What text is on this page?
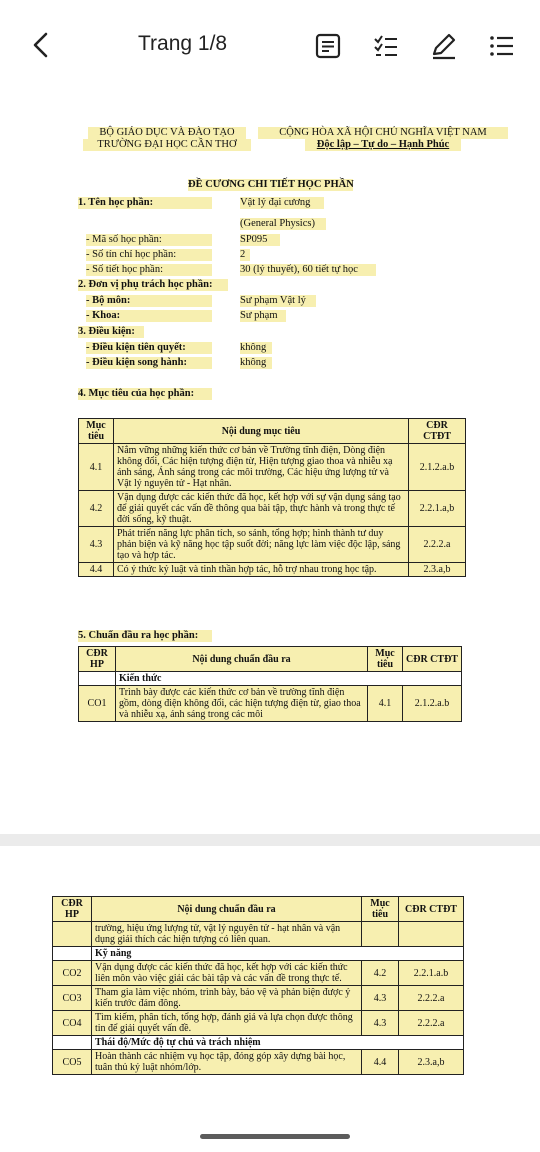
Trang 1/8
BỘ GIÁO DỤC VÀ ĐÀO TẠO
TRƯỜNG ĐẠI HỌC CẦN THƠ
CỘNG HÒA XÃ HỘI CHỦ NGHĨA VIỆT NAM
Độc lập – Tự do – Hạnh Phúc
ĐỀ CƯƠNG CHI TIẾT HỌC PHẦN
1. Tên học phần:	Vật lý đại cương
(General Physics)
- Mã số học phần:	SP095
- Số tín chỉ học phần:	2
- Số tiết học phần:	30 (lý thuyết), 60 tiết tự học
2. Đơn vị phụ trách học phần:
- Bộ môn:	Sư phạm Vật lý
- Khoa:	Sư phạm
3. Điều kiện:
- Điều kiện tiên quyết:	không
- Điều kiện song hành:	không
4. Mục tiêu của học phần:
Mục tiêu	Nội dung mục tiêu	CĐR CTĐT
4.1	Nắm vững những kiến thức cơ bản về Trường tĩnh điện, Dòng điện không đổi, Các hiện tượng điện từ, Hiện tượng giao thoa và nhiễu xạ ánh sáng, Ánh sáng trong các môi trường, Các hiệu ứng lượng tử và Vật lý nguyên tử - Hạt nhân.	2.1.2.a.b
4.2	Vận dụng được các kiến thức đã học, kết hợp với sự vận dụng sáng tạo để giải quyết các vấn đề thông qua bài tập, thực hành và trong thực tế đời sống, kỹ thuật.	2.2.1.a,b
4.3	Phát triển năng lực phân tích, so sánh, tổng hợp; hình thành tư duy phản biện và kỹ năng học tập suốt đời; năng lực làm việc độc lập, sáng tạo và hợp tác.	2.2.2.a
4.4	Có ý thức kỷ luật và tinh thần hợp tác, hỗ trợ nhau trong học tập.	2.3.a,b
5. Chuẩn đầu ra học phần:
CĐR HP	Nội dung chuẩn đầu ra	Mục tiêu	CĐR CTĐT
	Kiến thức		
CO1	Trình bày được các kiến thức cơ bản về trường tĩnh điện gồm, dòng điện không đổi, các hiện tượng điện từ, giao thoa và nhiễu xạ, ánh sáng trong các môi	4.1	2.1.2.a.b
CĐR HP	Nội dung chuẩn đầu ra	Mục tiêu	CĐR CTĐT
	trường, hiệu ứng lượng tử, vật lý nguyên tử - hạt nhân và vận dụng giải thích các hiện tượng có liên quan.		
	Kỹ năng		
CO2	Vận dụng được các kiến thức đã học, kết hợp với các kiến thức liên môn vào việc giải các bài tập và các vấn đề trong thực tế.	4.2	2.2.1.a.b
CO3	Tham gia làm việc nhóm, trình bày, bảo vệ và phản biện được ý kiến trước đám đông.	4.3	2.2.2.a
CO4	Tìm kiếm, phân tích, tổng hợp, đánh giá và lựa chọn được thông tin để giải quyết vấn đề.	4.3	2.2.2.a
	Thái độ/Mức độ tự chủ và trách nhiệm		
CO5	Hoàn thành các nhiệm vụ học tập, đóng góp xây dựng bài học, tuân thủ kỷ luật nhóm/lớp.	4.4	2.3.a,b
